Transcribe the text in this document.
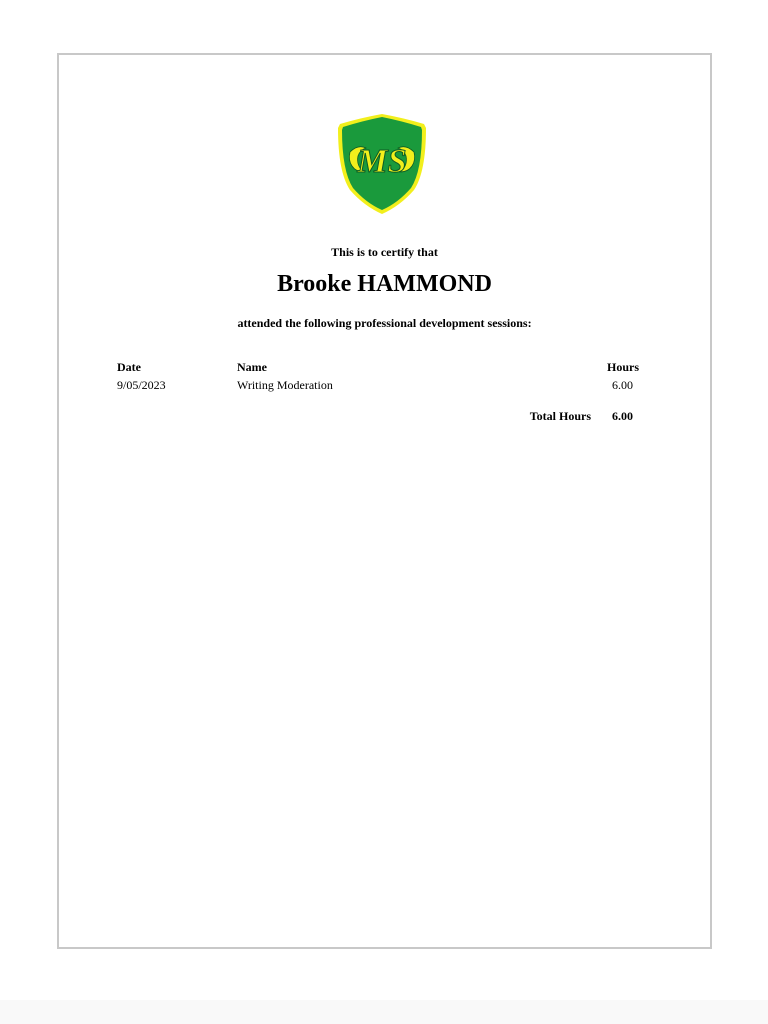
MS
This is to certify that
Brooke HAMMOND
attended the following professional development sessions:
Date	Name	Hours
9/05/2023	Writing Moderation	6.00
Total Hours	6.00
